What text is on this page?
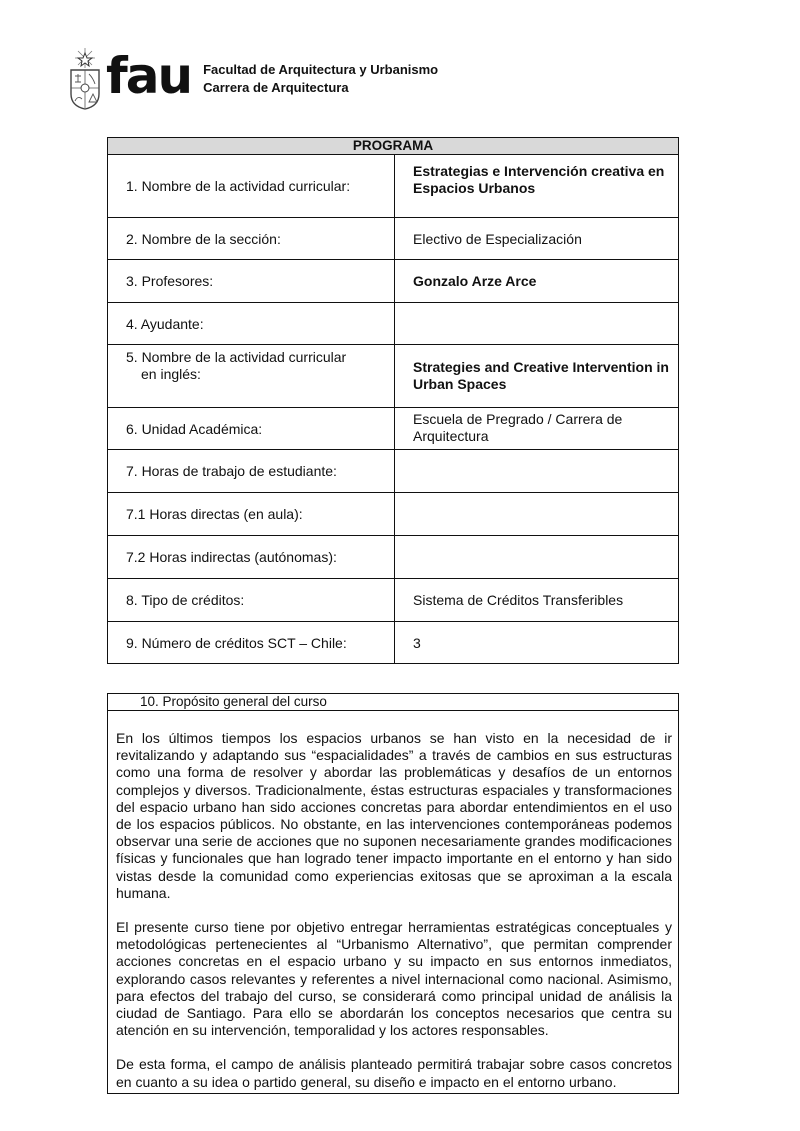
fau Facultad de Arquitectura y Urbanismo
Carrera de Arquitectura
PROGRAMA	
1. Nombre de la actividad curricular:	Estrategias e Intervención creativa en Espacios Urbanos
2. Nombre de la sección:	Electivo de Especialización
3. Profesores:	Gonzalo Arze Arce
4. Ayudante:	

5. Nombre de la actividad curricular
en inglés:	Strategies and Creative Intervention in Urban Spaces
6. Unidad Académica:	Escuela de Pregrado / Carrera de
Arquitectura

7. Horas de trabajo de estudiante:	
7.1 Horas directas (en aula):	
7.2 Horas indirectas (autónomas):	
8. Tipo de créditos:	Sistema de Créditos Transferibles
9. Número de créditos SCT – Chile:	3
10. Propósito general del curso

En los últimos tiempos los espacios urbanos se han visto en la necesidad de ir revitalizando y adaptando sus “espacialidades” a través de cambios en sus estructuras como una forma de resolver y abordar las problemáticas y desafíos de un entornos complejos y diversos. Tradicionalmente, éstas estructuras espaciales y transformaciones del espacio urbano han sido acciones concretas para abordar entendimientos en el uso de los espacios públicos. No obstante, en las intervenciones contemporáneas podemos observar una serie de acciones que no suponen necesariamente grandes modificaciones físicas y funcionales que han logrado tener impacto importante en el entorno y han sido vistas desde la comunidad como experiencias exitosas que se aproximan a la escala humana.

El presente curso tiene por objetivo entregar herramientas estratégicas conceptuales y metodológicas pertenecientes al “Urbanismo Alternativo”, que permitan comprender acciones concretas en el espacio urbano y su impacto en sus entornos inmediatos, explorando casos relevantes y referentes a nivel internacional como nacional. Asimismo, para efectos del trabajo del curso, se considerará como principal unidad de análisis la ciudad de Santiago. Para ello se abordarán los conceptos necesarios que centra su atención en su intervención, temporalidad y los actores responsables.

De esta forma, el campo de análisis planteado permitirá trabajar sobre casos concretos en cuanto a su idea o partido general, su diseño e impacto en el entorno urbano.
